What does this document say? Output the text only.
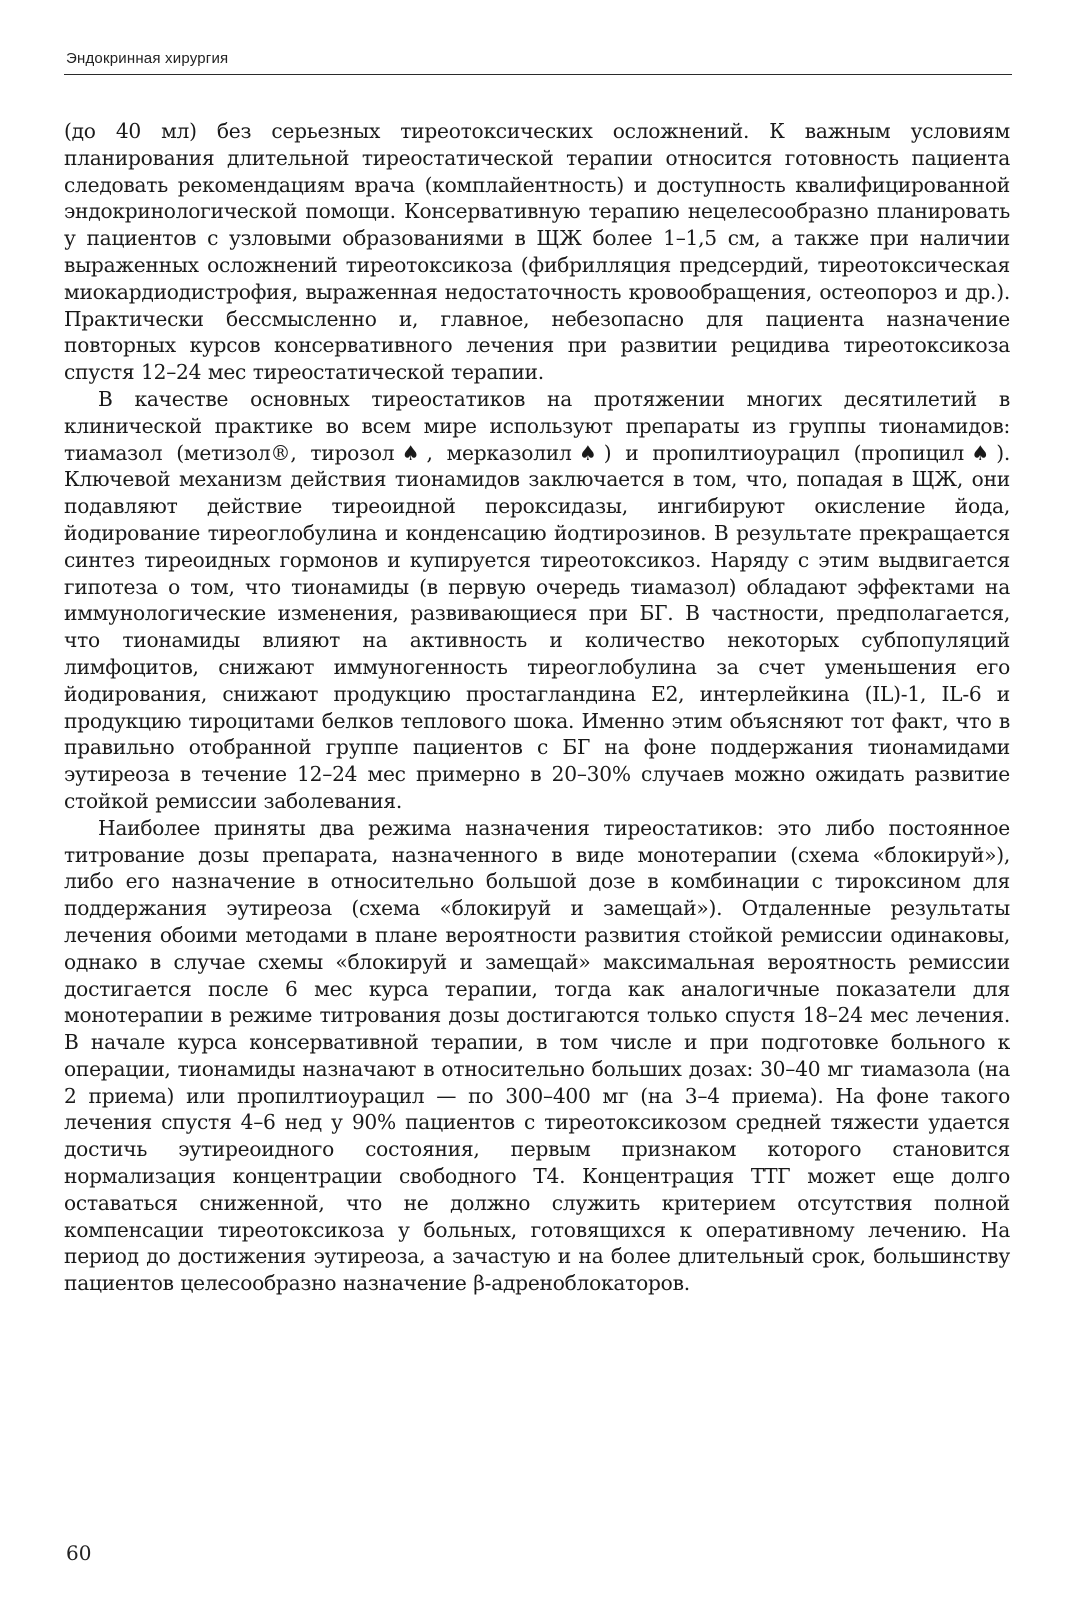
Эндокринная хирургия

(до 40 мл) без серьезных тиреотоксических осложнений. К важным условиям планирования длительной тиреостатической терапии относится готовность пациента следовать рекомендациям врача (комплайентность) и доступность квалифицированной эндокринологической помощи. Консервативную терапию нецелесообразно планировать у пациентов с узловыми образованиями в ЩЖ более 1–1,5 см, а также при наличии выраженных осложнений тиреотоксикоза (фибрилляция предсердий, тиреотоксическая миокардиодистрофия, выраженная недостаточность кровообращения, остеопороз и др.). Практически бессмысленно и, главное, небезопасно для пациента назначение повторных курсов консервативного лечения при развитии рецидива тиреотоксикоза спустя 12–24 мес тиреостатической терапии.

В качестве основных тиреостатиков на протяжении многих десятилетий в клинической практике во всем мире используют препараты из группы тионамидов: тиамазол (метизол®, тирозол♠, мерказолил♠) и пропилтиоурацил (пропицил♠). Ключевой механизм действия тионамидов заключается в том, что, попадая в ЩЖ, они подавляют действие тиреоидной пероксидазы, ингибируют окисление йода, йодирование тиреоглобулина и конденсацию йодтирозинов. В результате прекращается синтез тиреоидных гормонов и купируется тиреотоксикоз. Наряду с этим выдвигается гипотеза о том, что тионамиды (в первую очередь тиамазол) обладают эффектами на иммунологические изменения, развивающиеся при БГ. В частности, предполагается, что тионамиды влияют на активность и количество некоторых субпопуляций лимфоцитов, снижают иммуногенность тиреоглобулина за счет уменьшения его йодирования, снижают продукцию простагландина Е2, интерлейкина (IL)-1, IL-6 и продукцию тироцитами белков теплового шока. Именно этим объясняют тот факт, что в правильно отобранной группе пациентов с БГ на фоне поддержания тионамидами эутиреоза в течение 12–24 мес примерно в 20–30% случаев можно ожидать развитие стойкой ремиссии заболевания.

Наиболее приняты два режима назначения тиреостатиков: это либо постоянное титрование дозы препарата, назначенного в виде монотерапии (схема «блокируй»), либо его назначение в относительно большой дозе в комбинации с тироксином для поддержания эутиреоза (схема «блокируй и замещай»). Отдаленные результаты лечения обоими методами в плане вероятности развития стойкой ремиссии одинаковы, однако в случае схемы «блокируй и замещай» максимальная вероятность ремиссии достигается после 6 мес курса терапии, тогда как аналогичные показатели для монотерапии в режиме титрования дозы достигаются только спустя 18–24 мес лечения. В начале курса консервативной терапии, в том числе и при подготовке больного к операции, тионамиды назначают в относительно больших дозах: 30–40 мг тиамазола (на 2 приема) или пропилтиоурацил — по 300–400 мг (на 3–4 приема). На фоне такого лечения спустя 4–6 нед у 90% пациентов с тиреотоксикозом средней тяжести удается достичь эутиреоидного состояния, первым признаком которого становится нормализация концентрации свободного Т4. Концентрация ТТГ может еще долго оставаться сниженной, что не должно служить критерием отсутствия полной компенсации тиреотоксикоза у больных, готовящихся к оперативному лечению. На период до достижения эутиреоза, а зачастую и на более длительный срок, большинству пациентов целесообразно назначение β-адреноблокаторов.

60
